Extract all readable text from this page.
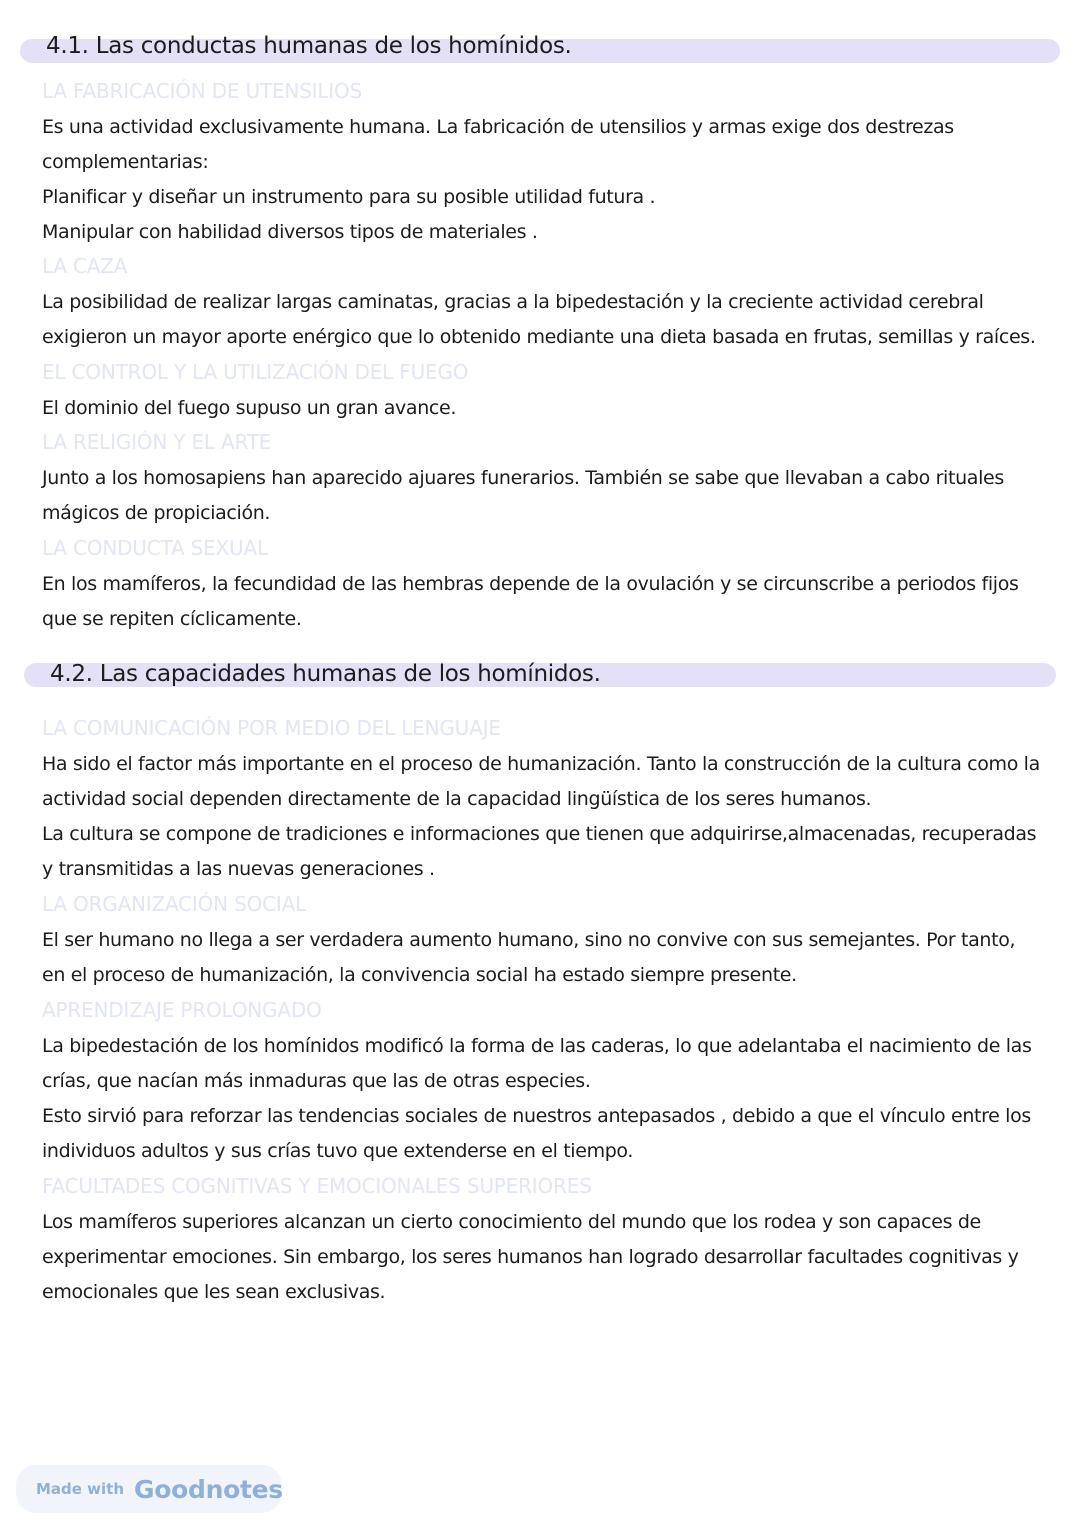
4.1. Las conductas humanas de los homínidos.
LA FABRICACIÓN DE UTENSILIOS
Es una actividad exclusivamente humana. La fabricación de utensilios y armas exige dos destrezas complementarias:
Planificar y diseñar un instrumento para su posible utilidad futura .
Manipular con habilidad diversos tipos de materiales .
LA CAZA
La posibilidad de realizar largas caminatas, gracias a la bipedestación y la creciente actividad cerebral exigieron un mayor aporte enérgico que lo obtenido mediante una dieta basada en frutas, semillas y raíces.
EL CONTROL Y LA UTILIZACIÓN DEL FUEGO
El dominio del fuego supuso un gran avance.
LA RELIGIÓN Y EL ARTE
Junto a los homosapiens han aparecido ajuares funerarios. También se sabe que llevaban a cabo rituales mágicos de propiciación.
LA CONDUCTA SEXUAL
En los mamíferos, la fecundidad de las hembras depende de la ovulación y se circunscribe a periodos fijos que se repiten cíclicamente.
4.2. Las capacidades humanas de los homínidos.
LA COMUNICACIÓN POR MEDIO DEL LENGUAJE
Ha sido el factor más importante en el proceso de humanización. Tanto la construcción de la cultura como la actividad social dependen directamente de la capacidad lingüística de los seres humanos.
La cultura se compone de tradiciones e informaciones que tienen que adquirirse,almacenadas, recuperadas y transmitidas a las nuevas generaciones .
LA ORGANIZACIÓN SOCIAL
El ser humano no llega a ser verdadera aumento humano, sino no convive con sus semejantes. Por tanto, en el proceso de humanización, la convivencia social ha estado siempre presente.
APRENDIZAJE PROLONGADO
La bipedestación de los homínidos modificó la forma de las caderas, lo que adelantaba el nacimiento de las crías, que nacían más inmaduras que las de otras especies.
Esto sirvió para reforzar las tendencias sociales de nuestros antepasados , debido a que el vínculo entre los individuos adultos y sus crías tuvo que extenderse en el tiempo.
FACULTADES COGNITIVAS Y EMOCIONALES SUPERIORES
Los mamíferos superiores alcanzan un cierto conocimiento del mundo que los rodea y son capaces de experimentar emociones. Sin embargo, los seres humanos han logrado desarrollar facultades cognitivas y emocionales que les sean exclusivas.
Made with Goodnotes
